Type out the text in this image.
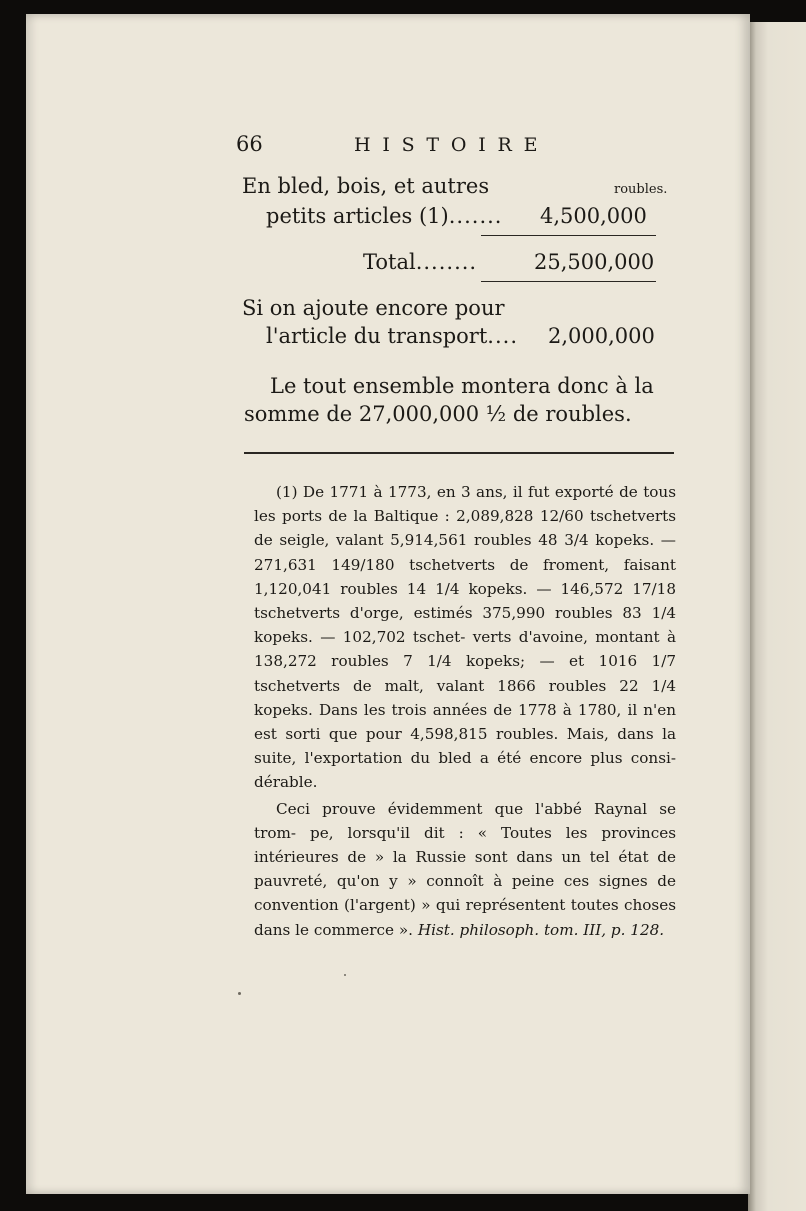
66	HISTOIRE
En bled, bois, et autres	roubles.
petits articles (1)....... 4,500,000
Total........	25,500,000
Si on ajoute encore pour
l'article du transport.... 2,000,000
Le tout ensemble montera donc à la
somme de 27,000,000 ½ de roubles.

(1) De 1771 à 1773, en 3 ans, il fut exporté de tous les ports de la Baltique : 2,089,828 12/60 tschetverts de seigle, valant 5,914,561 roubles 48 3/4 kopeks. — 271,631 149/180 tschetverts de froment, faisant 1,120,041 roubles 14 1/4 kopeks. — 146,572 17/18 tschetverts d'orge, estimés 375,990 roubles 83 1/4 kopeks. — 102,702 tschet- verts d'avoine, montant à 138,272 roubles 7 1/4 kopeks; — et 1016 1/7 tschetverts de malt, valant 1866 roubles 22 1/4 kopeks. Dans les trois années de 1778 à 1780, il n'en est sorti que pour 4,598,815 roubles. Mais, dans la suite, l'exportation du bled a été encore plus consi- dérable.

Ceci prouve évidemment que l'abbé Raynal se trom- pe, lorsqu'il dit : « Toutes les provinces intérieures de » la Russie sont dans un tel état de pauvreté, qu'on y » connoît à peine ces signes de convention (l'argent) » qui représentent toutes choses dans le commerce ». Hist. philosoph. tom. III, p. 128.
